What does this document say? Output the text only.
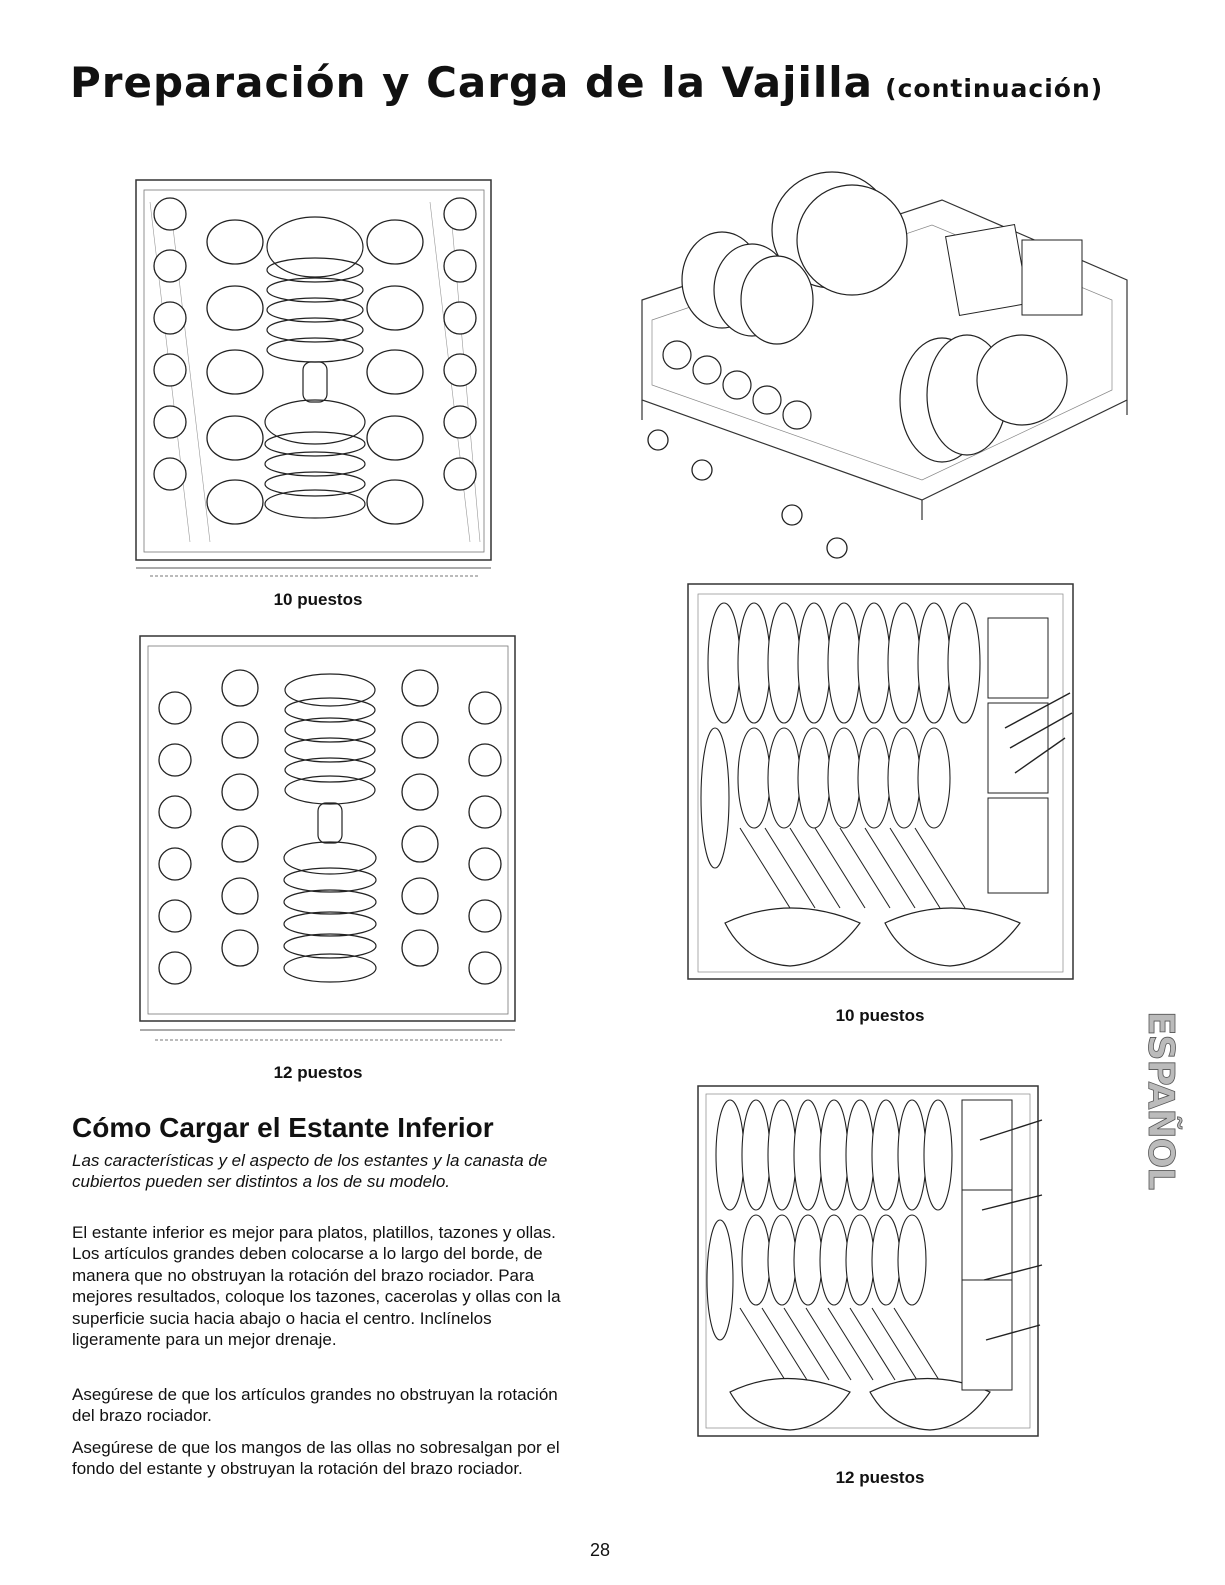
Preparación y Carga de la Vajilla (continuación)
10 puestos
12 puestos
Cómo Cargar el Estante Inferior

Las características y el aspecto de los estantes y la canasta de cubiertos pueden ser distintos a los de su modelo.

El estante inferior es mejor para platos, platillos, tazones y ollas. Los artículos grandes deben colocarse a lo largo del borde, de manera que no obstruyan la rotación del brazo rociador. Para mejores resultados, coloque los tazones, cacerolas y ollas con la superficie sucia hacia abajo o hacia el centro. Inclínelos ligeramente para un mejor drenaje.

Asegúrese de que los artículos grandes no obstruyan la rotación del brazo rociador.

Asegúrese de que los mangos de las ollas no sobresalgan por el fondo del estante y obstruyan la rotación del brazo rociador.

10 puestos
12 puestos
ESPAÑOL
28
